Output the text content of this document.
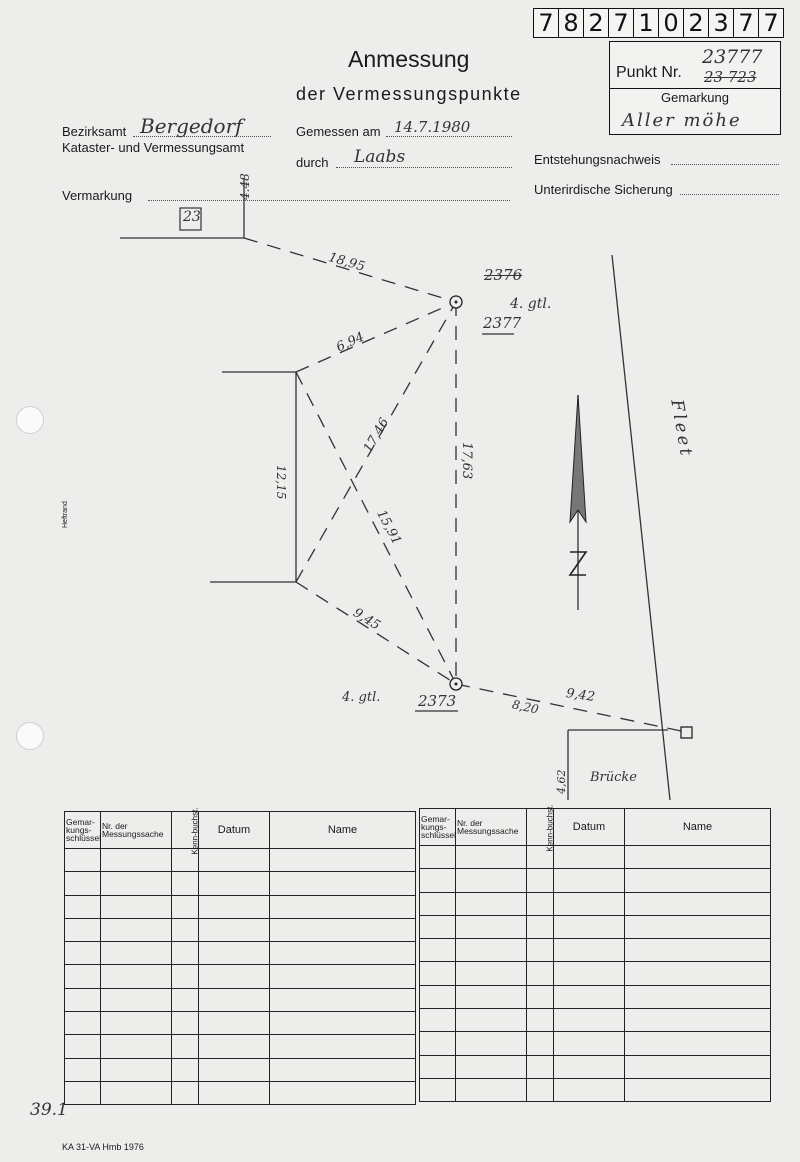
7 8 2 7 1 0 2 3 7 7
Anmessung
der Vermessungspunkte
Punkt Nr.
23777
23 723
Gemarkung
Aller möhe
Bezirksamt Bergedorf
Kataster- und Vermessungsamt
Gemessen am 14.7.1980
durch Laabs	Entstehungsnachweis
Vermarkung	Unterirdische Sicherung
23
4.48
2376
4. gtl.
2377
4. gtl.	2373
18,95
6,94
12,15
17,46
15,91
17,63
9,45
8,20
9,42
4,62
Fleet
Brücke
Heftrand
Gemar-kungs-schlüssel	Nr. der Messungssache	Kenn-buchst.	Datum	Name

Gemar-kungs-schlüssel	Nr. der Messungssache	Kenn-buchst.	Datum	Name

39.1
KA 31-VA Hmb 1976
